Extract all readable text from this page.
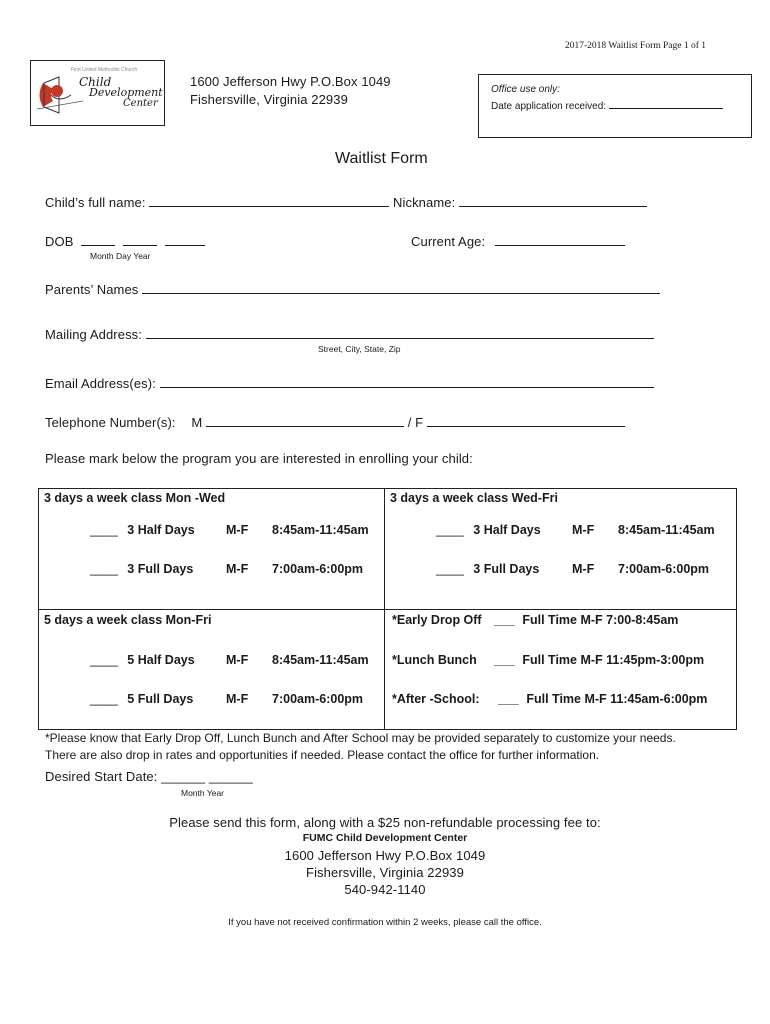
2017-2018 Waitlist Form Page 1 of 1
First United Methodist Church
Child
Development
Center
1600 Jefferson Hwy P.O.Box 1049
Fishersville, Virginia 22939
Office use only:
Date application received:
Waitlist Form
Child’s full name:	Nickname:
DOB
Month Day Year
Current Age:
Parents’ Names
Mailing Address:
Street, City, State, Zip
Email Address(es):
Telephone Number(s): M	/ F
Please mark below the program you are interested in enrolling your child:
3 days a week class Mon -Wed
____ 3 Half Days	M-F 8:45am-11:45am
____ 3 Full Days	M-F 7:00am-6:00pm
3 days a week class Wed-Fri
____ 3 Half Days	M-F 8:45am-11:45am
____ 3 Full Days	M-F 7:00am-6:00pm
5 days a week class Mon-Fri
____ 5 Half Days	M-F 8:45am-11:45am
____ 5 Full Days	M-F 7:00am-6:00pm
*Early Drop Off ___ Full Time M-F 7:00-8:45am
*Lunch Bunch ___ Full Time M-F 11:45pm-3:00pm
*After -School: ___ Full Time M-F 11:45am-6:00pm
*Please know that Early Drop Off, Lunch Bunch and After School may be provided separately to customize your needs.
There are also drop in rates and opportunities if needed. Please contact the office for further information.
Desired Start Date: ______ ______
Month Year
Please send this form, along with a $25 non-refundable processing fee to:
FUMC Child Development Center
1600 Jefferson Hwy P.O.Box 1049
Fishersville, Virginia 22939
540-942-1140
If you have not received confirmation within 2 weeks, please call the office.
